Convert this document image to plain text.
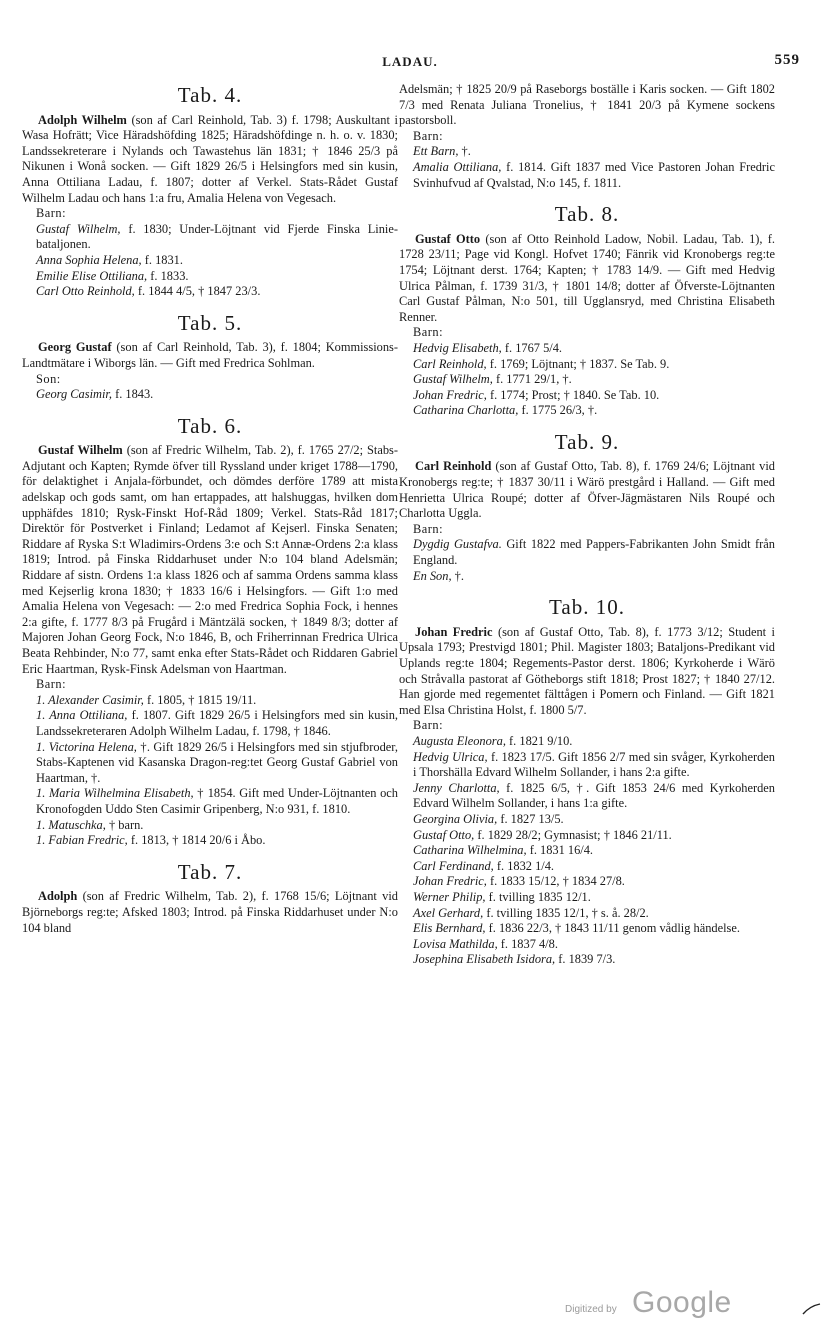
LADAU.	559
Tab. 4.

Adolph Wilhelm (son af Carl Reinhold, Tab. 3) f. 1798; Auskultant i Wasa Hofrätt; Vice Häradshöfding 1825; Häradshöfdinge n. h. o. v. 1830; Landssekreterare i Nylands och Tawastehus län 1831; † 1846 25/3 på Nikunen i Wonå socken. — Gift 1829 26/5 i Helsingfors med sin kusin, Anna Ottiliana Ladau, f. 1807; dotter af Verkel. Stats-Rådet Gustaf Wilhelm Ladau och hans 1:a fru, Amalia Helena von Vegesach.

Barn:

Gustaf Wilhelm, f. 1830; Under-Löjtnant vid Fjerde Finska Linie-bataljonen.

Anna Sophia Helena, f. 1831.

Emilie Elise Ottiliana, f. 1833.

Carl Otto Reinhold, f. 1844 4/5, † 1847 23/3.

Tab. 5.

Georg Gustaf (son af Carl Reinhold, Tab. 3), f. 1804; Kommissions-Landtmätare i Wiborgs län. — Gift med Fredrica Sohlman.

Son:

Georg Casimir, f. 1843.

Tab. 6.

Gustaf Wilhelm (son af Fredric Wilhelm, Tab. 2), f. 1765 27/2; Stabs-Adjutant och Kapten; Rymde öfver till Ryssland under kriget 1788—1790, för delaktighet i Anjala-förbundet, och dömdes derföre 1789 att mista adelskap och gods samt, om han ertappades, att halshuggas, hvilken dom upphäfdes 1810; Rysk-Finskt Hof-Råd 1809; Verkel. Stats-Råd 1817; Direktör för Postverket i Finland; Ledamot af Kejserl. Finska Senaten; Riddare af Ryska S:t Wladimirs-Ordens 3:e och S:t Annæ-Ordens 2:a klass 1819; Introd. på Finska Riddarhuset under N:o 104 bland Adelsmän; Riddare af sistn. Ordens 1:a klass 1826 och af samma Ordens samma klass med Kejserlig krona 1830; † 1833 16/6 i Helsingfors. — Gift 1:o med Amalia Helena von Vegesach: — 2:o med Fredrica Sophia Fock, i hennes 2:a gifte, f. 1777 8/3 på Frugård i Mäntzälä socken, † 1849 8/3; dotter af Majoren Johan Georg Fock, N:o 1846, B, och Friherrinnan Fredrica Ulrica Beata Rehbinder, N:o 77, samt enka efter Stats-Rådet och Riddaren Gabriel Eric Haartman, Rysk-Finsk Adelsman von Haartman.

Barn:

1. Alexander Casimir, f. 1805, † 1815 19/11.

1. Anna Ottiliana, f. 1807. Gift 1829 26/5 i Helsingfors med sin kusin, Landssekreteraren Adolph Wilhelm Ladau, f. 1798, † 1846.

1. Victorina Helena, †. Gift 1829 26/5 i Helsingfors med sin stjufbroder, Stabs-Kaptenen vid Kasanska Dragon-reg:tet Georg Gustaf Gabriel von Haartman, †.

1. Maria Wilhelmina Elisabeth, † 1854. Gift med Under-Löjtnanten och Kronofogden Uddo Sten Casimir Gripenberg, N:o 931, f. 1810.

1. Matuschka, † barn.

1. Fabian Fredric, f. 1813, † 1814 20/6 i Åbo.

Tab. 7.

Adolph (son af Fredric Wilhelm, Tab. 2), f. 1768 15/6; Löjtnant vid Björneborgs reg:te; Afsked 1803; Introd. på Finska Riddarhuset under N:o 104 bland

Adelsmän; † 1825 20/9 på Raseborgs boställe i Karis socken. — Gift 1802 7/3 med Renata Juliana Tronelius, † 1841 20/3 på Kymene sockens pastorsboll.

Barn:

Ett Barn, †.

Amalia Ottiliana, f. 1814. Gift 1837 med Vice Pastoren Johan Fredric Svinhufvud af Qvalstad, N:o 145, f. 1811.

Tab. 8.

Gustaf Otto (son af Otto Reinhold Ladow, Nobil. Ladau, Tab. 1), f. 1728 23/11; Page vid Kongl. Hofvet 1740; Fänrik vid Kronobergs reg:te 1754; Löjtnant derst. 1764; Kapten; † 1783 14/9. — Gift med Hedvig Ulrica Pålman, f. 1739 31/3, † 1801 14/8; dotter af Öfverste-Löjtnanten Carl Gustaf Pålman, N:o 501, till Ugglansryd, med Christina Elisabeth Renner.

Barn:

Hedvig Elisabeth, f. 1767 5/4.

Carl Reinhold, f. 1769; Löjtnant; † 1837. Se Tab. 9.

Gustaf Wilhelm, f. 1771 29/1, †.

Johan Fredric, f. 1774; Prost; † 1840. Se Tab. 10.

Catharina Charlotta, f. 1775 26/3, †.

Tab. 9.

Carl Reinhold (son af Gustaf Otto, Tab. 8), f. 1769 24/6; Löjtnant vid Kronobergs reg:te; † 1837 30/11 i Wärö prestgård i Halland. — Gift med Henrietta Ulrica Roupé; dotter af Öfver-Jägmästaren Nils Roupé och Charlotta Uggla.

Barn:

Dygdig Gustafva. Gift 1822 med Pappers-Fabrikanten John Smidt från England.

En Son, †.

Tab. 10.

Johan Fredric (son af Gustaf Otto, Tab. 8), f. 1773 3/12; Student i Upsala 1793; Prestvigd 1801; Phil. Magister 1803; Bataljons-Predikant vid Uplands reg:te 1804; Regements-Pastor derst. 1806; Kyrkoherde i Wärö och Stråvalla pastorat af Götheborgs stift 1818; Prost 1827; † 1840 27/12. Han gjorde med regementet fälttågen i Pomern och Finland. — Gift 1821 med Elsa Christina Holst, f. 1800 5/7.

Barn:

Augusta Eleonora, f. 1821 9/10.

Hedvig Ulrica, f. 1823 17/5. Gift 1856 2/7 med sin svåger, Kyrkoherden i Thorshälla Edvard Wilhelm Sollander, i hans 2:a gifte.

Jenny Charlotta, f. 1825 6/5, †. Gift 1853 24/6 med Kyrkoherden Edvard Wilhelm Sollander, i hans 1:a gifte.

Georgina Olivia, f. 1827 13/5.

Gustaf Otto, f. 1829 28/2; Gymnasist; † 1846 21/11.

Catharina Wilhelmina, f. 1831 16/4.

Carl Ferdinand, f. 1832 1/4.

Johan Fredric, f. 1833 15/12, † 1834 27/8.

Werner Philip, f. tvilling 1835 12/1.

Axel Gerhard, f. tvilling 1835 12/1, † s. å. 28/2.

Elis Bernhard, f. 1836 22/3, † 1843 11/11 genom vådlig händelse.

Lovisa Mathilda, f. 1837 4/8.

Josephina Elisabeth Isidora, f. 1839 7/3.

Digitized by Google
